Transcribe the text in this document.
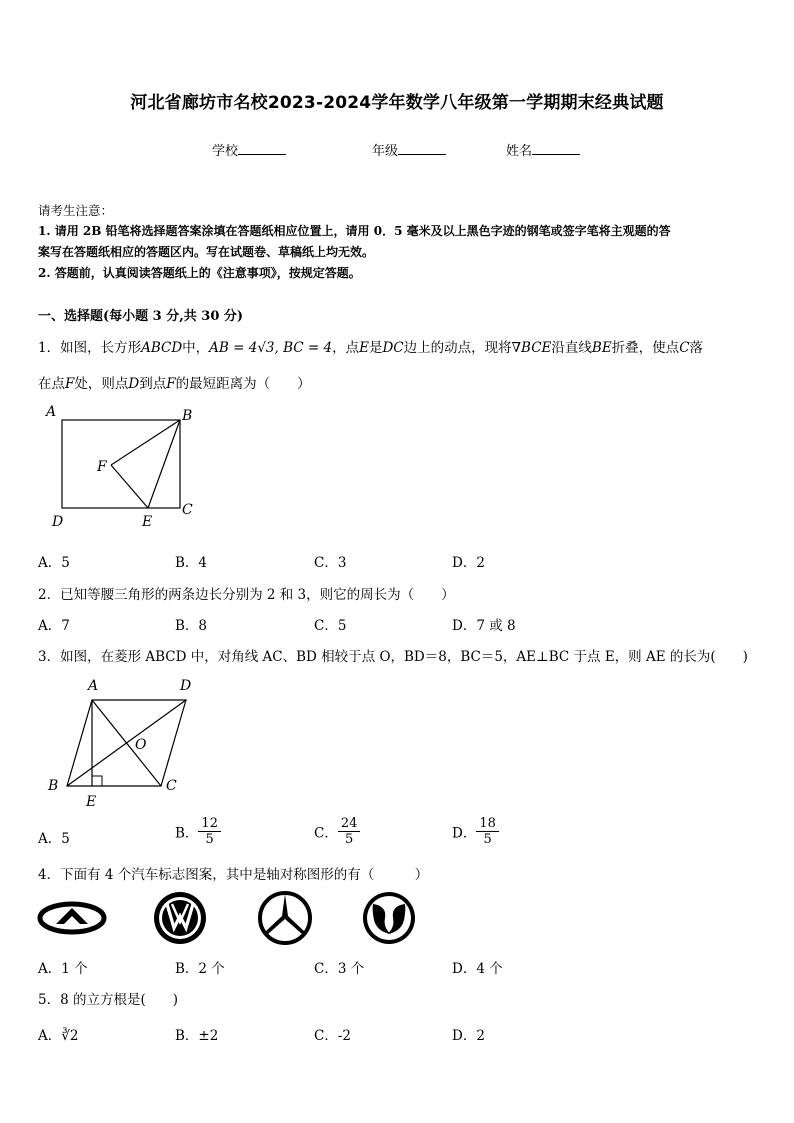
河北省廊坊市名校2023-2024学年数学八年级第一学期期末经典试题
学校	年级	姓名
请考生注意：
1. 请用 2B 铅笔将选择题答案涂填在答题纸相应位置上，请用 0．5 毫米及以上黑色字迹的钢笔或签字笔将主观题的答
案写在答题纸相应的答题区内。写在试题卷、草稿纸上均无效。
2. 答题前，认真阅读答题纸上的《注意事项》，按规定答题。
一、选择题(每小题 3 分,共 30 分)
1．如图，长方形ABCD中，AB = 4√3, BC = 4，点E是DC边上的动点，现将∇BCE沿直线BE折叠，使点C落
在点F处，则点D到点F的最短距离为（　　）
A	B
C
D	E
F
A．5	B．4	C．3	D．2
2．已知等腰三角形的两条边长分别为 2 和 3，则它的周长为（　　）
A．7	B．8	C．5	D．7 或 8
3．如图，在菱形 ABCD 中，对角线 AC、BD 相较于点 O，BD＝8，BC＝5，AE⊥BC 于点 E，则 AE 的长为(　　)
A	D
O
B	C
E
A．5	B． $\frac{12}{5}$	C． $\frac{24}{5}$	D． $\frac{18}{5}$
4．下面有 4 个汽车标志图案，其中是轴对称图形的有（　　　）
A．1 个	B．2 个	C．3 个	D．4 个
5．8 的立方根是(　　)
A．∛2	B．±2	C．-2	D．2
